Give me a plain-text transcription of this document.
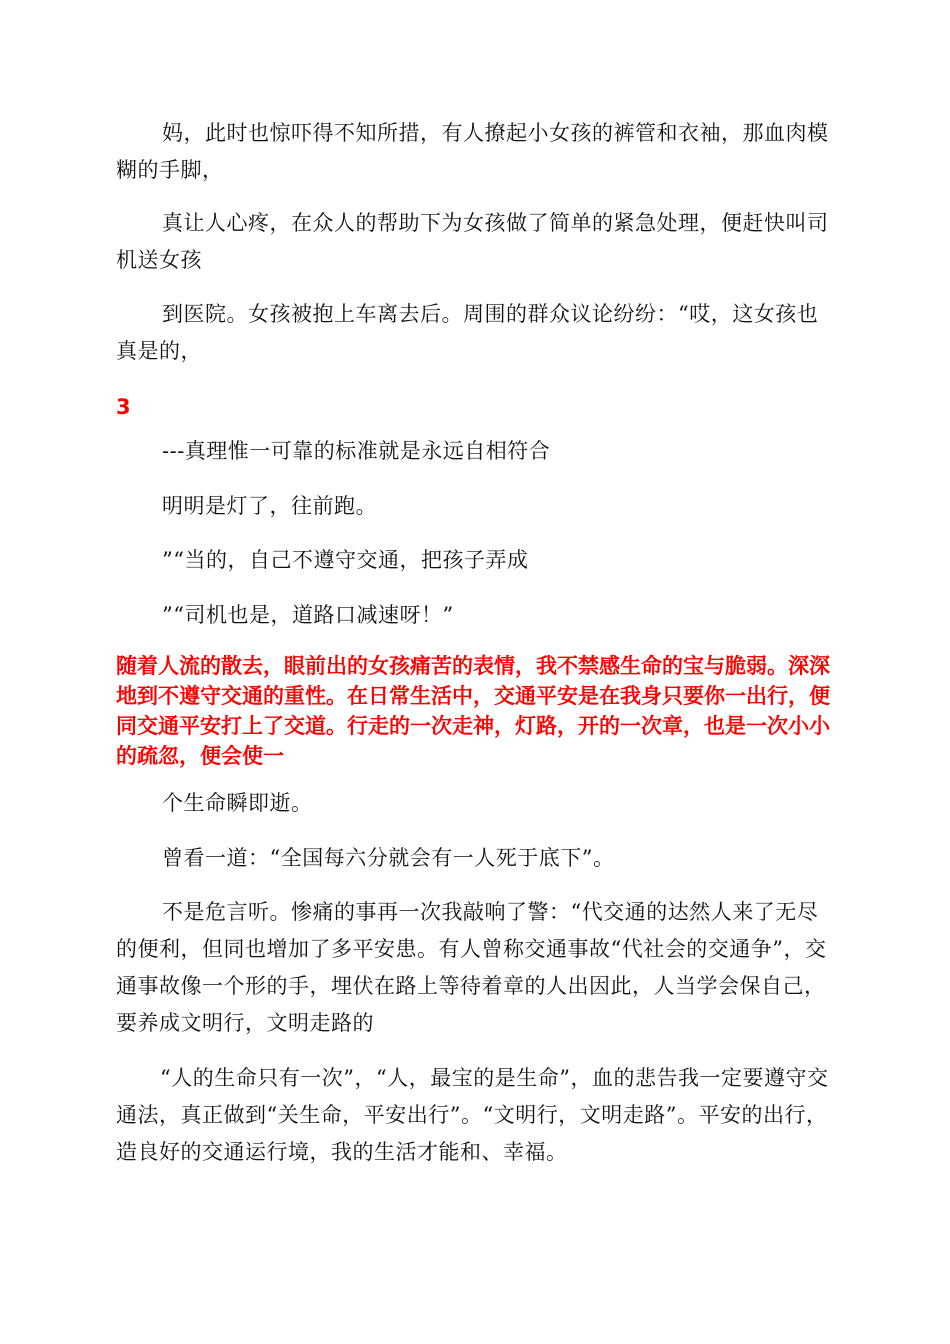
妈，此时也惊吓得不知所措，有人撩起小女孩的裤管和衣袖，那血肉模糊的手脚，

真让人心疼，在众人的帮助下为女孩做了简单的紧急处理，便赶快叫司机送女孩

到医院。女孩被抱上车离去后。周围的群众议论纷纷：“哎，这女孩也真是的，

3

---真理惟一可靠的标准就是永远自相符合

明明是灯了，往前跑。

”“当的，自己不遵守交通，把孩子弄成

”“司机也是，道路口减速呀！”

随着人流的散去，眼前出的女孩痛苦的表情，我不禁感生命的宝与脆弱。深深地到不遵守交通的重性。在日常生活中，交通平安是在我身只要你一出行，便同交通平安打上了交道。行走的一次走神，灯路，开的一次章，也是一次小小的疏忽，便会使一

个生命瞬即逝。

曾看一道：“全国每六分就会有一人死于底下”。

不是危言听。惨痛的事再一次我敲响了警：“代交通的达然人来了无尽的便利，但同也增加了多平安患。有人曾称交通事故“代社会的交通争”，交通事故像一个形的手，埋伏在路上等待着章的人出因此，人当学会保自己，要养成文明行，文明走路的

“人的生命只有一次”，“人，最宝的是生命”，血的悲告我一定要遵守交通法，真正做到“关生命，平安出行”。“文明行，文明走路”。平安的出行，造良好的交通运行境，我的生活才能和、幸福。
